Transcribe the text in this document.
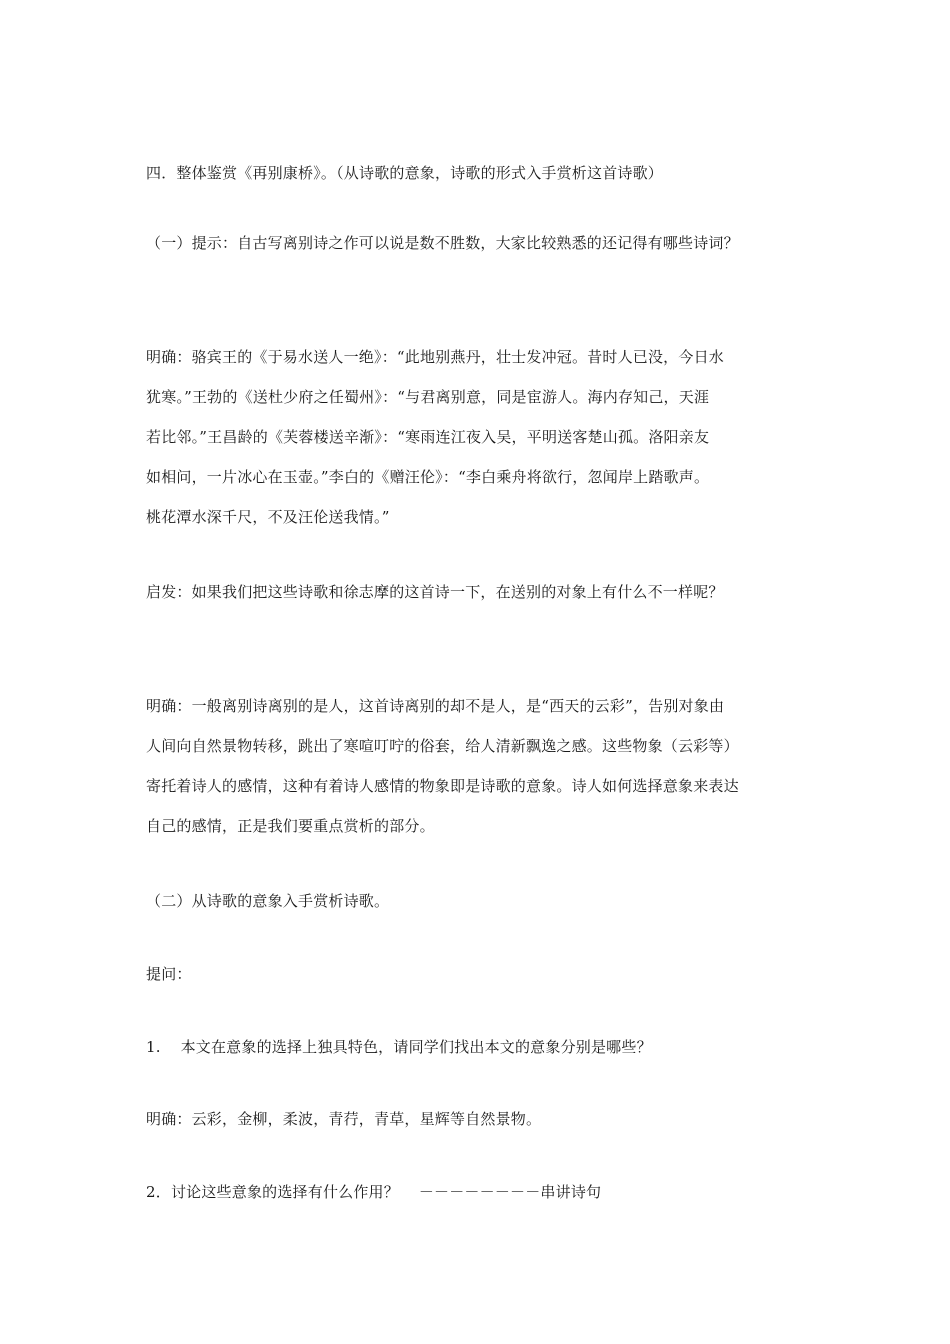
四．整体鉴赏《再别康桥》。（从诗歌的意象，诗歌的形式入手赏析这首诗歌）
（一）提示：自古写离别诗之作可以说是数不胜数，大家比较熟悉的还记得有哪些诗词？
明确：骆宾王的《于易水送人一绝》：“此地别燕丹，壮士发冲冠。昔时人已没，今日水
犹寒。”王勃的《送杜少府之任蜀州》：“与君离别意，同是宦游人。海内存知己，天涯
若比邻。”王昌龄的《芙蓉楼送辛渐》：“寒雨连江夜入吴，平明送客楚山孤。洛阳亲友
如相问，一片冰心在玉壶。”李白的《赠汪伦》：“李白乘舟将欲行，忽闻岸上踏歌声。
桃花潭水深千尺，不及汪伦送我情。”
启发：如果我们把这些诗歌和徐志摩的这首诗一下，在送别的对象上有什么不一样呢？
明确：一般离别诗离别的是人，这首诗离别的却不是人，是“西天的云彩”，告别对象由
人间向自然景物转移，跳出了寒喧叮咛的俗套，给人清新飘逸之感。这些物象（云彩等）
寄托着诗人的感情，这种有着诗人感情的物象即是诗歌的意象。诗人如何选择意象来表达
自己的感情，正是我们要重点赏析的部分。
（二）从诗歌的意象入手赏析诗歌。
提问：
1.    本文在意象的选择上独具特色，请同学们找出本文的意象分别是哪些？
明确：云彩，金柳，柔波，青荇，青草，星辉等自然景物。
2．讨论这些意象的选择有什么作用？    －－－－－－－－串讲诗句
